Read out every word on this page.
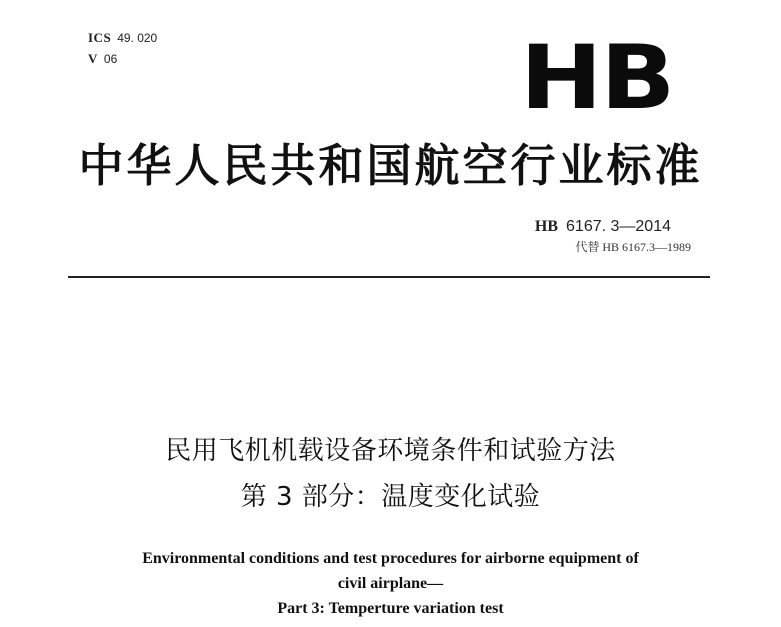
ICS 49. 020
V 06	HB
中华人民共和国航空行业标准
HB 6167. 3—2014
代替 HB 6167.3—1989
民用飞机机载设备环境条件和试验方法
第 3 部分：温度变化试验
Environmental conditions and test procedures for airborne equipment of
civil airplane—
Part 3: Temperture variation test
